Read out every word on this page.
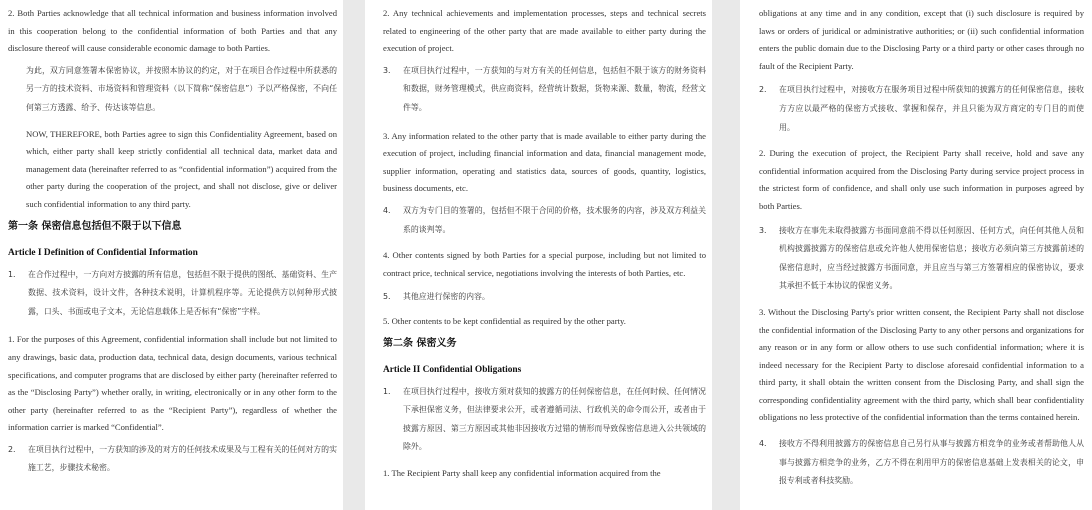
2. Both Parties acknowledge that all technical information and business information involved in this cooperation belong to the confidential information of both Parties and that any disclosure thereof will cause considerable economic damage to both Parties.

为此，双方同意签署本保密协议，并按照本协议的约定，对于在项目合作过程中所获悉的另一方的技术资料、市场资料和管理资料（以下简称“保密信息”）予以严格保密，不向任何第三方透露、给予、传达该等信息。

NOW, THEREFORE, both Parties agree to sign this Confidentiality Agreement, based on which, either party shall keep strictly confidential all technical data, market data and management data (hereinafter referred to as “confidential information”) acquired from the other party during the cooperation of the project, and shall not disclose, give or deliver such confidential information to any third party.

第一条 保密信息包括但不限于以下信息

Article I Definition of Confidential Information

1.	在合作过程中，一方向对方披露的所有信息，包括但不限于提供的图纸、基础资料、生产数据、技术资料，设计文件，各种技术说明，计算机程序等。无论提供方以何种形式披露，口头、书面或电子文本，无论信息载体上是否标有“保密”字样。

1. For the purposes of this Agreement, confidential information shall include but not limited to any drawings, basic data, production data, technical data, design documents, various technical specifications, and computer programs that are disclosed by either party (hereinafter referred to as the “Disclosing Party”) whether orally, in writing, electronically or in any other form to the other party (hereinafter referred to as the “Recipient Party”), regardless of whether the information carrier is marked “Confidential”.

2.	在项目执行过程中，一方获知的涉及的对方的任何技术成果及与工程有关的任何对方的实施工艺，步骤技术秘密。

2. Any technical achievements and implementation processes, steps and technical secrets related to engineering of the other party that are made available to either party during the execution of project.

3.	在项目执行过程中，一方获知的与对方有关的任何信息，包括但不限于该方的财务资料和数据，财务管理模式，供应商资料，经营统计数据，货物来源、数量，物流，经营文件等。

3. Any information related to the other party that is made available to either party during the execution of project, including financial information and data, financial management mode, supplier information, operating and statistics data, sources of goods, quantity, logistics, business documents, etc.

4.	双方为专门目的签署的，包括但不限于合同的价格，技术服务的内容，涉及双方利益关系的谈判等。

4. Other contents signed by both Parties for a special purpose, including but not limited to contract price, technical service, negotiations involving the interests of both Parties, etc.

5.	其他应进行保密的内容。

5. Other contents to be kept confidential as required by the other party.

第二条 保密义务

Article II Confidential Obligations

1.	在项目执行过程中，接收方须对获知的披露方的任何保密信息，在任何时候、任何情况下承担保密义务，但法律要求公开，或者遵循司法、行政机关的命令而公开，或者由于披露方原因、第三方原因或其他非因接收方过错的情形而导致保密信息进入公共领域的除外。

1. The Recipient Party shall keep any confidential information acquired from the

obligations at any time and in any condition, except that (i) such disclosure is required by laws or orders of juridical or administrative authorities; or (ii) such confidential information enters the public domain due to the Disclosing Party or a third party or other cases through no fault of the Recipient Party.

2.	在项目执行过程中，对接收方在服务项目过程中所获知的披露方的任何保密信息，接收方方应以最严格的保密方式接收、掌握和保存，并且只能为双方商定的专门目的而使用。

2. During the execution of project, the Recipient Party shall receive, hold and save any confidential information acquired from the Disclosing Party during service project process in the strictest form of confidence, and shall only use such information in purposes agreed by both Parties.

3.	接收方在事先未取得披露方书面同意前不得以任何原因、任何方式，向任何其他人员和机构披露披露方的保密信息或允许他人使用保密信息；接收方必须向第三方披露前述的保密信息时，应当经过披露方书面同意，并且应当与第三方签署相应的保密协议，要求其承担不低于本协议的保密义务。

3. Without the Disclosing Party's prior written consent, the Recipient Party shall not disclose the confidential information of the Disclosing Party to any other persons and organizations for any reason or in any form or allow others to use such confidential information; where it is indeed necessary for the Recipient Party to disclose aforesaid confidential information to a third party, it shall obtain the written consent from the Disclosing Party, and shall sign the corresponding confidentiality agreement with the third party, which shall bear confidentiality obligations no less protective of the confidential information than the terms contained herein.

4.	接收方不得利用披露方的保密信息自己另行从事与披露方相竞争的业务或者帮助他人从事与披露方相竞争的业务，乙方不得在利用甲方的保密信息基础上发表相关的论文，申报专利或者科技奖励。
